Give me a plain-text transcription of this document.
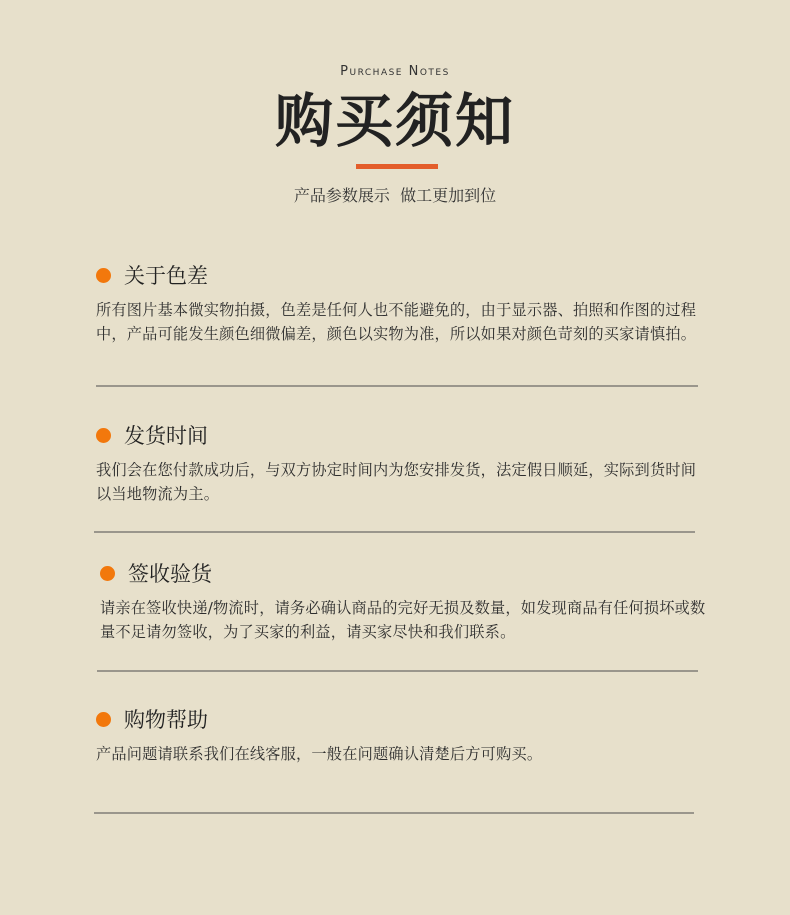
Purchase Notes
购买须知
产品参数展示  做工更加到位
关于色差
所有图片基本微实物拍摄，色差是任何人也不能避免的，由于显示器、拍照和作图的过程中，产品可能发生颜色细微偏差，颜色以实物为准，所以如果对颜色苛刻的买家请慎拍。
发货时间
我们会在您付款成功后，与双方协定时间内为您安排发货，法定假日顺延，实际到货时间以当地物流为主。
签收验货
请亲在签收快递/物流时，请务必确认商品的完好无损及数量，如发现商品有任何损坏或数量不足请勿签收，为了买家的利益，请买家尽快和我们联系。
购物帮助
产品问题请联系我们在线客服，一般在问题确认清楚后方可购买。
